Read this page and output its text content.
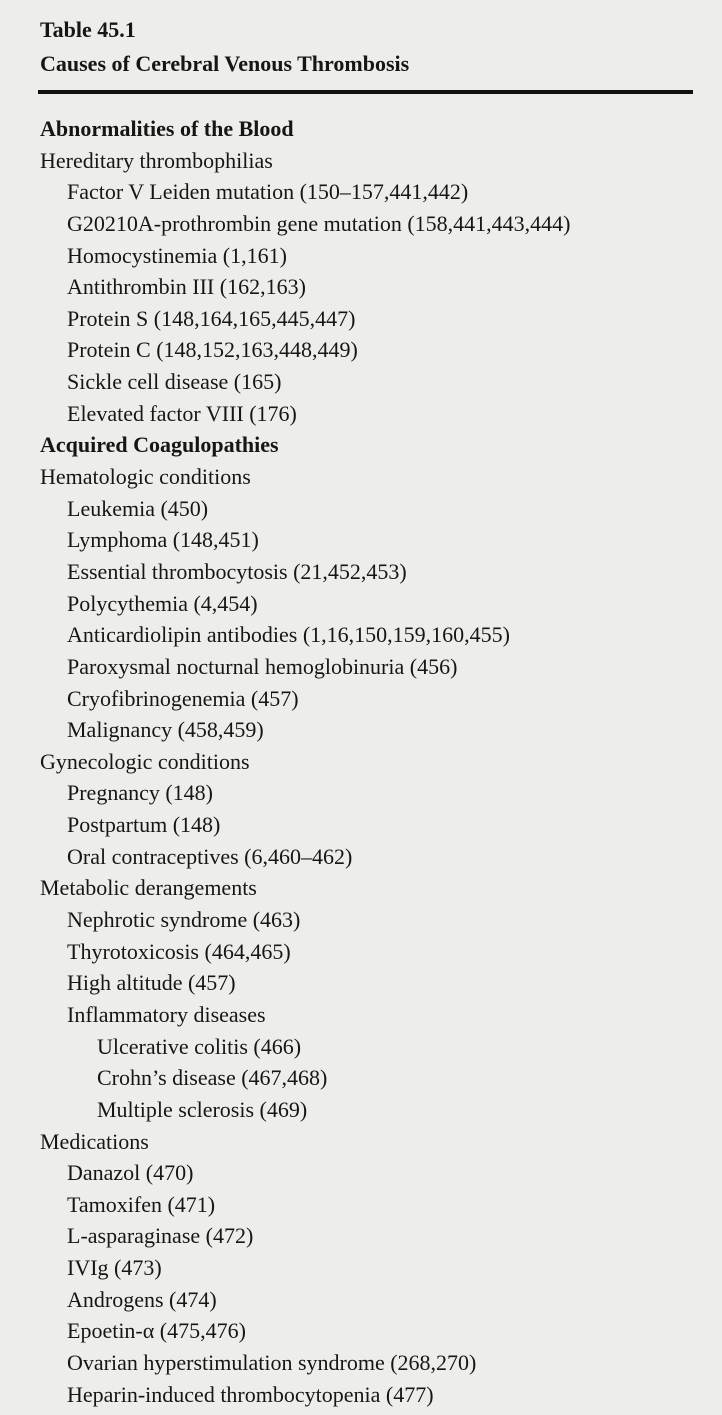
Table 45.1
Causes of Cerebral Venous Thrombosis
Abnormalities of the Blood
Hereditary thrombophilias
Factor V Leiden mutation (150–157,441,442)
G20210A-prothrombin gene mutation (158,441,443,444)
Homocystinemia (1,161)
Antithrombin III (162,163)
Protein S (148,164,165,445,447)
Protein C (148,152,163,448,449)
Sickle cell disease (165)
Elevated factor VIII (176)
Acquired Coagulopathies
Hematologic conditions
Leukemia (450)
Lymphoma (148,451)
Essential thrombocytosis (21,452,453)
Polycythemia (4,454)
Anticardiolipin antibodies (1,16,150,159,160,455)
Paroxysmal nocturnal hemoglobinuria (456)
Cryofibrinogenemia (457)
Malignancy (458,459)
Gynecologic conditions
Pregnancy (148)
Postpartum (148)
Oral contraceptives (6,460–462)
Metabolic derangements
Nephrotic syndrome (463)
Thyrotoxicosis (464,465)
High altitude (457)
Inflammatory diseases
Ulcerative colitis (466)
Crohn’s disease (467,468)
Multiple sclerosis (469)
Medications
Danazol (470)
Tamoxifen (471)
L-asparaginase (472)
IVIg (473)
Androgens (474)
Epoetin-α (475,476)
Ovarian hyperstimulation syndrome (268,270)
Heparin-induced thrombocytopenia (477)
